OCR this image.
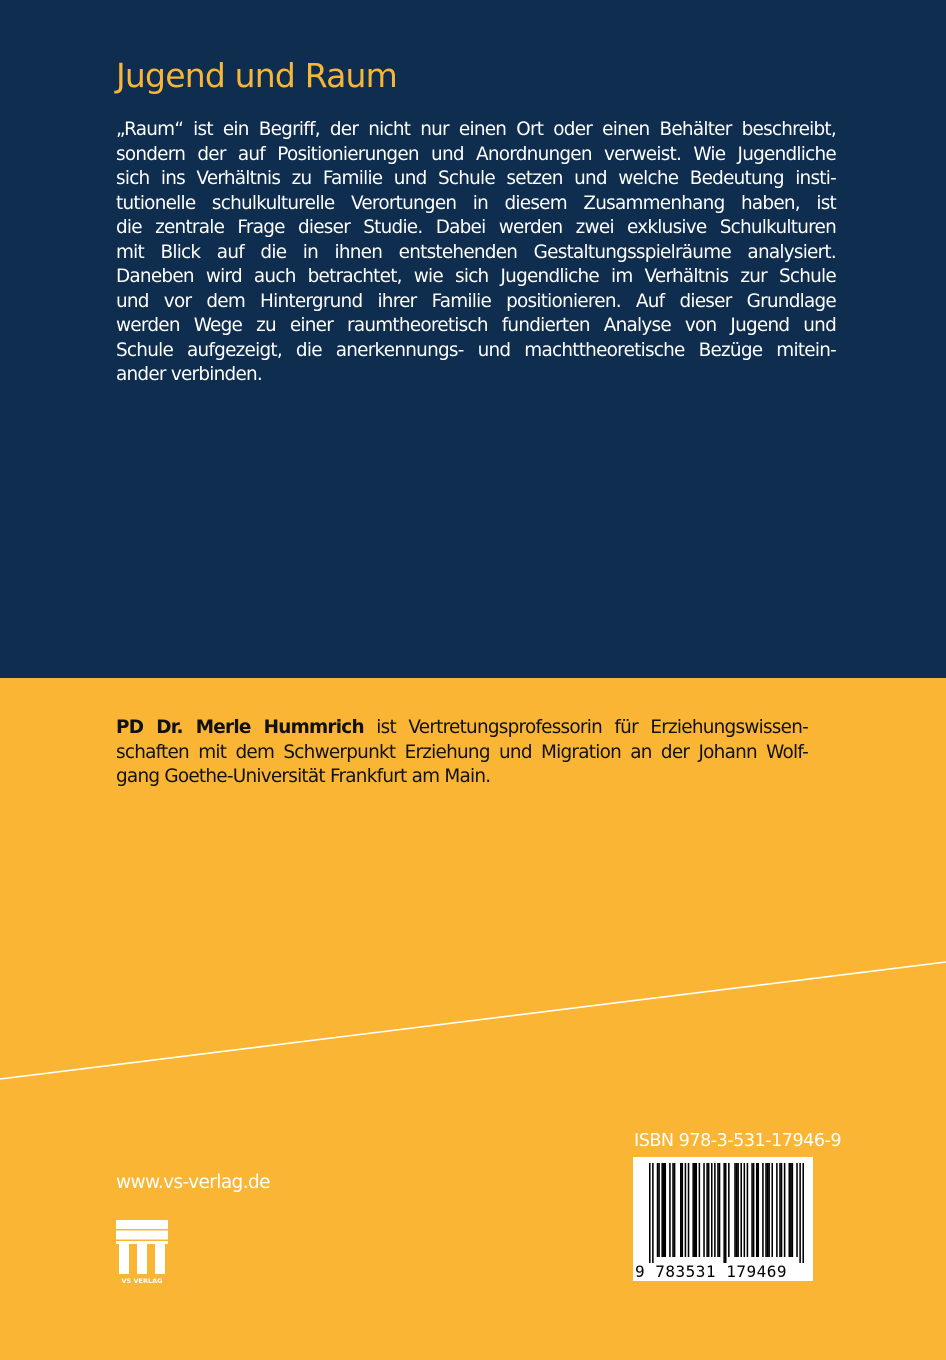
Jugend und Raum
„Raum“ ist ein Begriff, der nicht nur einen Ort oder einen Behälter beschreibt,
sondern der auf Positionierungen und Anordnungen verweist. Wie Jugendliche
sich ins Verhältnis zu Familie und Schule setzen und welche Bedeutung insti-
tutionelle schulkulturelle Verortungen in diesem Zusammenhang haben, ist
die zentrale Frage dieser Studie. Dabei werden zwei exklusive Schulkulturen
mit Blick auf die in ihnen entstehenden Gestaltungsspielräume analysiert.
Daneben wird auch betrachtet, wie sich Jugendliche im Verhältnis zur Schule
und vor dem Hintergrund ihrer Familie positionieren. Auf dieser Grundlage
werden Wege zu einer raumtheoretisch fundierten Analyse von Jugend und
Schule aufgezeigt, die anerkennungs- und machttheoretische Bezüge mitein-
ander verbinden.
PD Dr. Merle Hummrich ist Vertretungsprofessorin für Erziehungswissen-
schaften mit dem Schwerpunkt Erziehung und Migration an der Johann Wolf-
gang Goethe-Universität Frankfurt am Main.
www.vs-verlag.de
VS VERLAG
ISBN 978-3-531-17946-9
9 783531 179469
